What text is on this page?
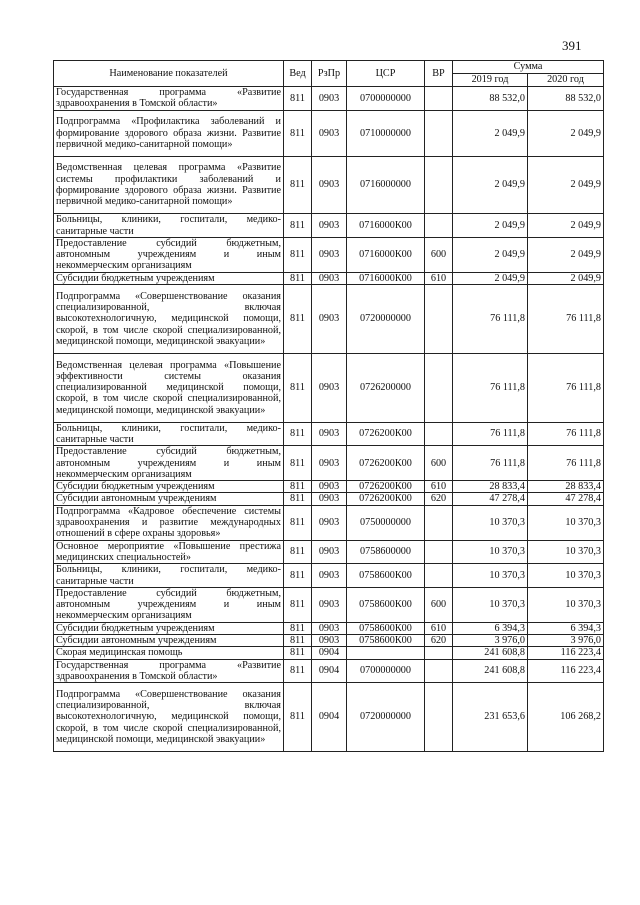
391
Наименование показателей	Вед	РзПр	ЦСР	ВР	Сумма	
					2019 год	2020 год
Государственная программа «Развитие здравоохранения в Томской области»	811	0903	0700000000		88 532,0	88 532,0
Подпрограмма «Профилактика заболеваний и формирование здорового образа жизни. Развитие первичной медико-санитарной помощи»	811	0903	0710000000		2 049,9	2 049,9
Ведомственная целевая программа «Развитие системы профилактики заболеваний и формирование здорового образа жизни. Развитие первичной медико-санитарной помощи»	811	0903	0716000000		2 049,9	2 049,9
Больницы, клиники, госпитали, медико-санитарные части	811	0903	0716000К00		2 049,9	2 049,9
Предоставление субсидий бюджетным, автономным учреждениям и иным некоммерческим организациям	811	0903	0716000К00	600	2 049,9	2 049,9
Субсидии бюджетным учреждениям	811	0903	0716000К00	610	2 049,9	2 049,9
Подпрограмма «Совершенствование оказания специализированной, включая высокотехнологичную, медицинской помощи, скорой, в том числе скорой специализированной, медицинской помощи, медицинской эвакуации»	811	0903	0720000000		76 111,8	76 111,8
Ведомственная целевая программа «Повышение эффективности системы оказания специализированной медицинской помощи, скорой, в том числе скорой специализированной, медицинской помощи, медицинской эвакуации»	811	0903	0726200000		76 111,8	76 111,8
Больницы, клиники, госпитали, медико-санитарные части	811	0903	0726200К00		76 111,8	76 111,8
Предоставление субсидий бюджетным, автономным учреждениям и иным некоммерческим организациям	811	0903	0726200К00	600	76 111,8	76 111,8
Субсидии бюджетным учреждениям	811	0903	0726200К00	610	28 833,4	28 833,4
Субсидии автономным учреждениям	811	0903	0726200К00	620	47 278,4	47 278,4
Подпрограмма «Кадровое обеспечение системы здравоохранения и развитие международных отношений в сфере охраны здоровья»	811	0903	0750000000		10 370,3	10 370,3
Основное мероприятие «Повышение престижа медицинских специальностей»	811	0903	0758600000		10 370,3	10 370,3
Больницы, клиники, госпитали, медико-санитарные части	811	0903	0758600К00		10 370,3	10 370,3
Предоставление субсидий бюджетным, автономным учреждениям и иным некоммерческим организациям	811	0903	0758600К00	600	10 370,3	10 370,3
Субсидии бюджетным учреждениям	811	0903	0758600К00	610	6 394,3	6 394,3
Субсидии автономным учреждениям	811	0903	0758600К00	620	3 976,0	3 976,0
Скорая медицинская помощь	811	0904			241 608,8	116 223,4
Государственная программа «Развитие здравоохранения в Томской области»	811	0904	0700000000		241 608,8	116 223,4
Подпрограмма «Совершенствование оказания специализированной, включая высокотехнологичную, медицинской помощи, скорой, в том числе скорой специализированной, медицинской помощи, медицинской эвакуации»	811	0904	0720000000		231 653,6	106 268,2
